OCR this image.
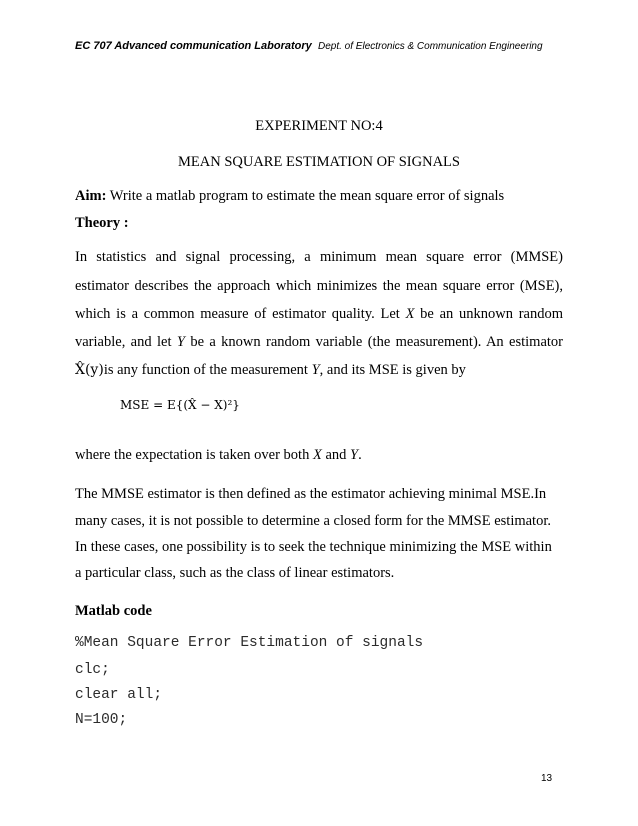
EC 707 Advanced communication Laboratory Dept. of Electronics & Communication Engineering
EXPERIMENT NO:4
MEAN SQUARE ESTIMATION OF SIGNALS
Aim: Write a matlab program to estimate the mean square error of signals
Theory :
In statistics and signal processing, a minimum mean square error (MMSE)
estimator describes the approach which minimizes the mean square error (MSE),
which is a common measure of estimator quality. Let X be an unknown random
variable, and let Y be a known random variable (the measurement). An estimator
X̂(y)is any function of the measurement Y, and its MSE is given by
MSE = E{(X̂ − X)²}
where the expectation is taken over both X and Y.
The MMSE estimator is then defined as the estimator achieving minimal MSE.In
many cases, it is not possible to determine a closed form for the MMSE estimator.
In these cases, one possibility is to seek the technique minimizing the MSE within
a particular class, such as the class of linear estimators.
Matlab code
%Mean Square Error Estimation of signals
clc;
clear all;
N=100;
13
